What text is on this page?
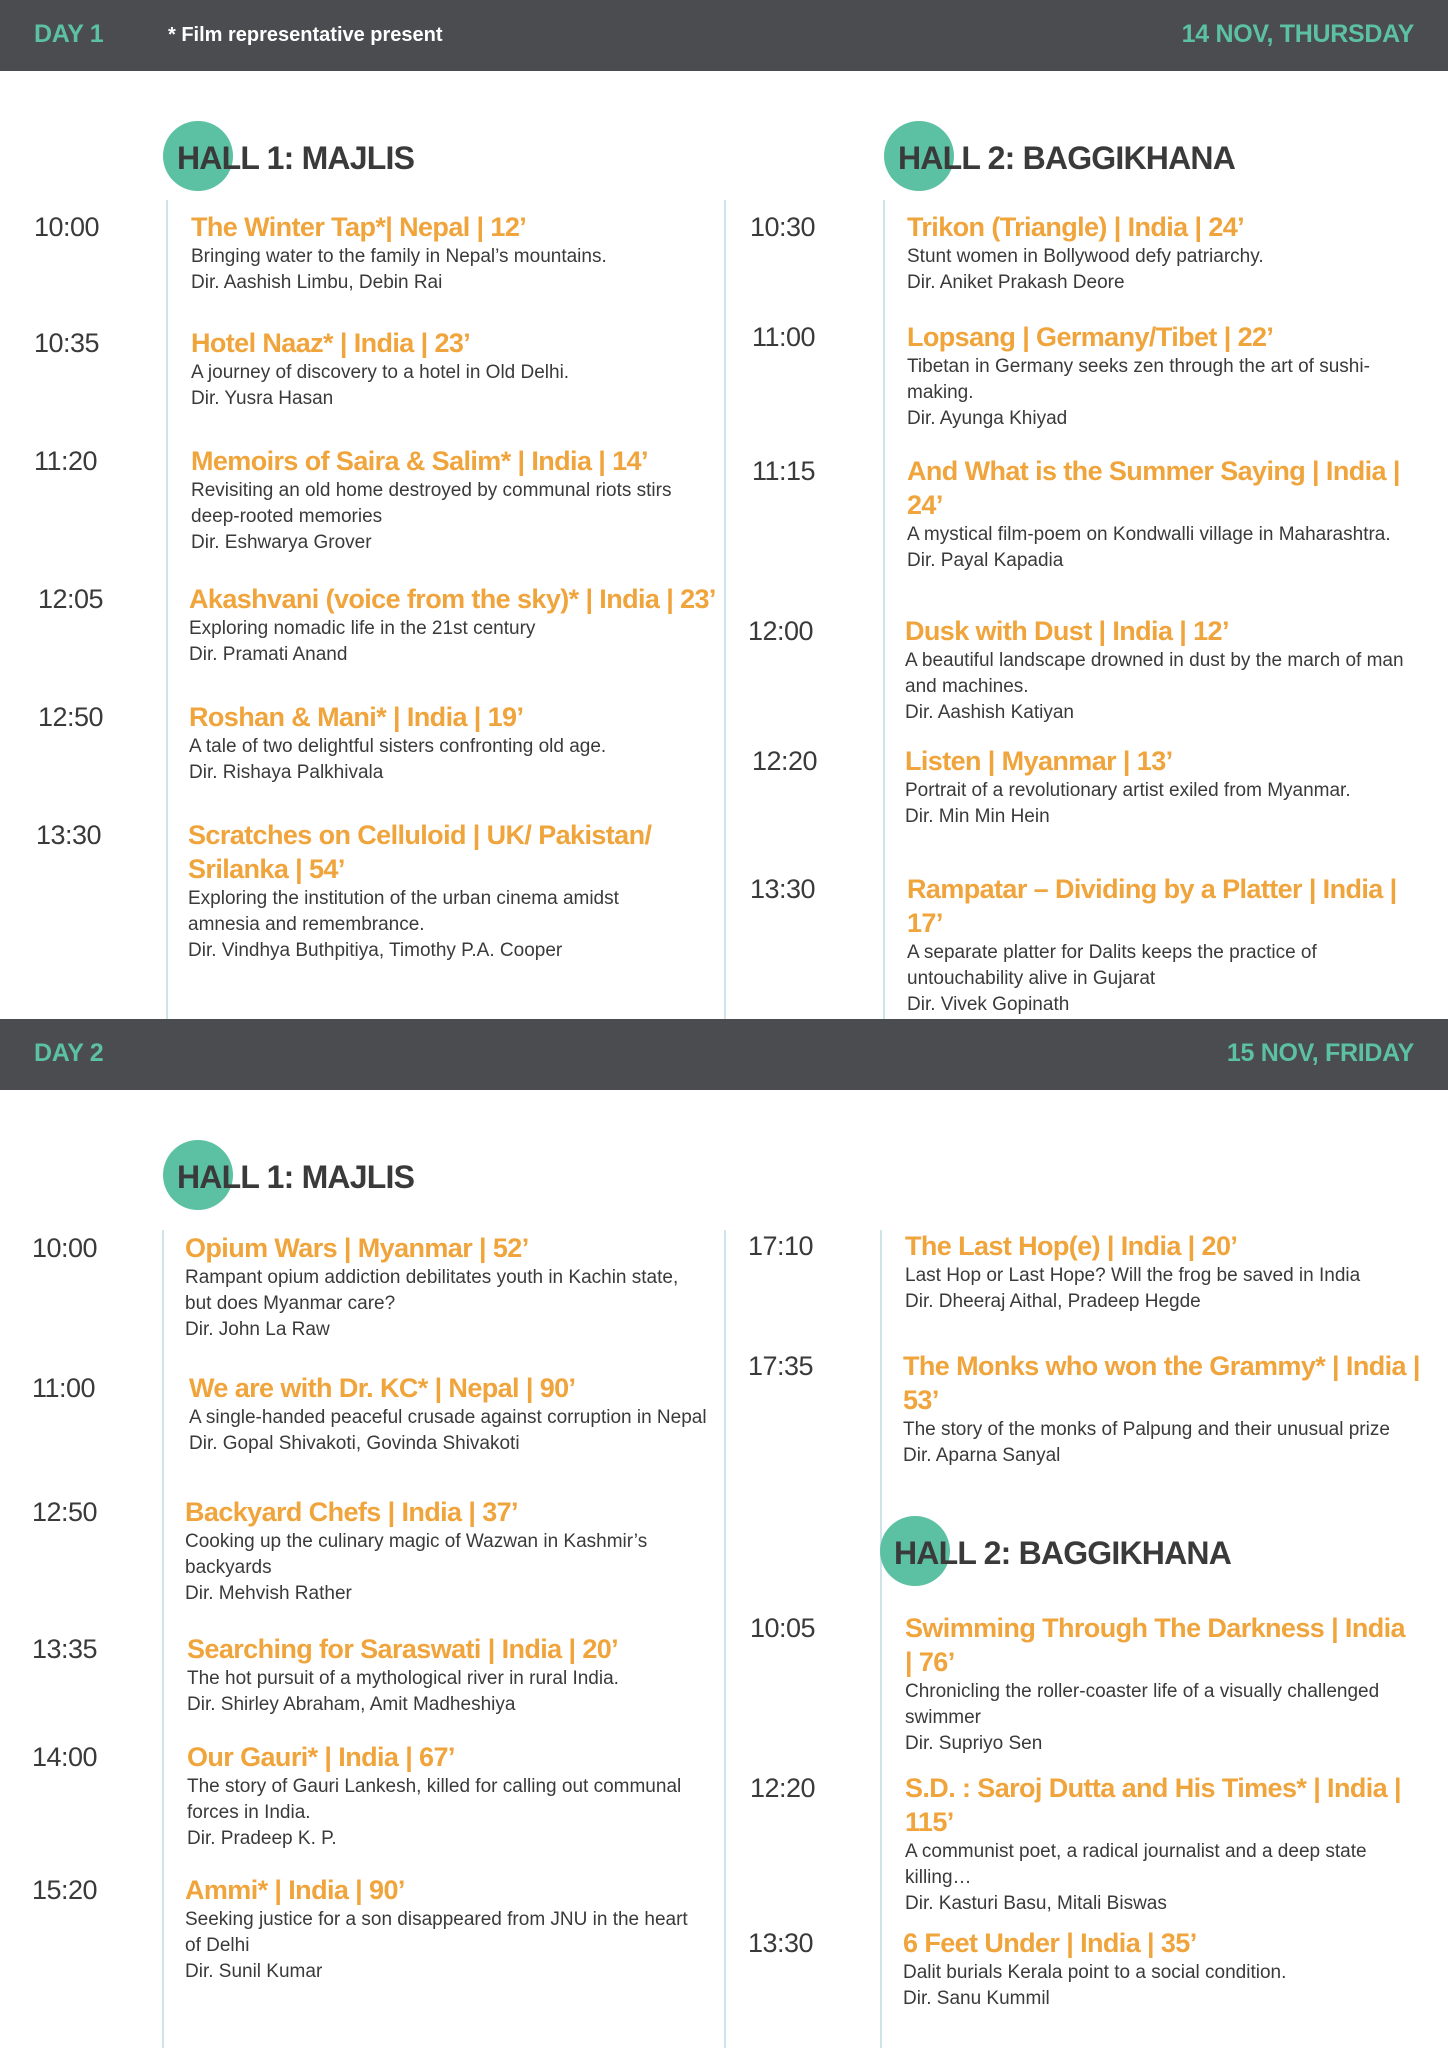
DAY 1	* Film representative present	14 NOV, THURSDAY
HALL 1: MAJLIS	HALL 2: BAGGIKHANA
10:00	The Winter Tap*| Nepal | 12’
Bringing water to the family in Nepal’s mountains.
Dir. Aashish Limbu, Debin Rai
10:35	Hotel Naaz* | India | 23’
A journey of discovery to a hotel in Old Delhi.
Dir. Yusra Hasan
11:20	Memoirs of Saira & Salim* | India | 14’
Revisiting an old home destroyed by communal riots stirs deep-rooted memories
Dir. Eshwarya Grover
12:05	Akashvani (voice from the sky)* | India | 23’
Exploring nomadic life in the 21st century
Dir. Pramati Anand
12:50	Roshan & Mani* | India | 19’
A tale of two delightful sisters confronting old age.
Dir. Rishaya Palkhivala
13:30	Scratches on Celluloid | UK/ Pakistan/ Srilanka | 54’
Exploring the institution of the urban cinema amidst amnesia and remembrance.
Dir. Vindhya Buthpitiya, Timothy P.A. Cooper
10:30	Trikon (Triangle) | India | 24’
Stunt women in Bollywood defy patriarchy.
Dir. Aniket Prakash Deore
11:00	Lopsang | Germany/Tibet | 22’
Tibetan in Germany seeks zen through the art of sushi-making.
Dir. Ayunga Khiyad
11:15	And What is the Summer Saying | India | 24’
A mystical film-poem on Kondwalli village in Maharashtra.
Dir. Payal Kapadia
12:00	Dusk with Dust | India | 12’
A beautiful landscape drowned in dust by the march of man and machines.
Dir. Aashish Katiyan
12:20	Listen | Myanmar | 13’
Portrait of a revolutionary artist exiled from Myanmar.
Dir. Min Min Hein
13:30	Rampatar – Dividing by a Platter | India | 17’
A separate platter for Dalits keeps the practice of untouchability alive in Gujarat
Dir. Vivek Gopinath
DAY 2	15 NOV, FRIDAY
HALL 1: MAJLIS
10:00	Opium Wars | Myanmar | 52’
Rampant opium addiction debilitates youth in Kachin state, but does Myanmar care?
Dir. John La Raw
11:00	We are with Dr. KC* | Nepal | 90’
A single-handed peaceful crusade against corruption in Nepal
Dir. Gopal Shivakoti, Govinda Shivakoti
12:50	Backyard Chefs | India | 37’
Cooking up the culinary magic of Wazwan in Kashmir’s backyards
Dir. Mehvish Rather
13:35	Searching for Saraswati | India | 20’
The hot pursuit of a mythological river in rural India.
Dir. Shirley Abraham, Amit Madheshiya
14:00	Our Gauri* | India | 67’
The story of Gauri Lankesh, killed for calling out communal forces in India.
Dir. Pradeep K. P.
15:20	Ammi* | India | 90’
Seeking justice for a son disappeared from JNU in the heart of Delhi
Dir. Sunil Kumar
17:10	The Last Hop(e) | India | 20’
Last Hop or Last Hope? Will the frog be saved in India
Dir. Dheeraj Aithal, Pradeep Hegde
17:35	The Monks who won the Grammy* | India | 53’
The story of the monks of Palpung and their unusual prize
Dir. Aparna Sanyal
HALL 2: BAGGIKHANA
10:05	Swimming Through The Darkness | India | 76’
Chronicling the roller-coaster life of a visually challenged swimmer
Dir. Supriyo Sen
12:20	S.D. : Saroj Dutta and His Times* | India | 115’
A communist poet, a radical journalist and a deep state killing…
Dir. Kasturi Basu, Mitali Biswas
13:30	6 Feet Under | India | 35’
Dalit burials Kerala point to a social condition.
Dir. Sanu Kummil
